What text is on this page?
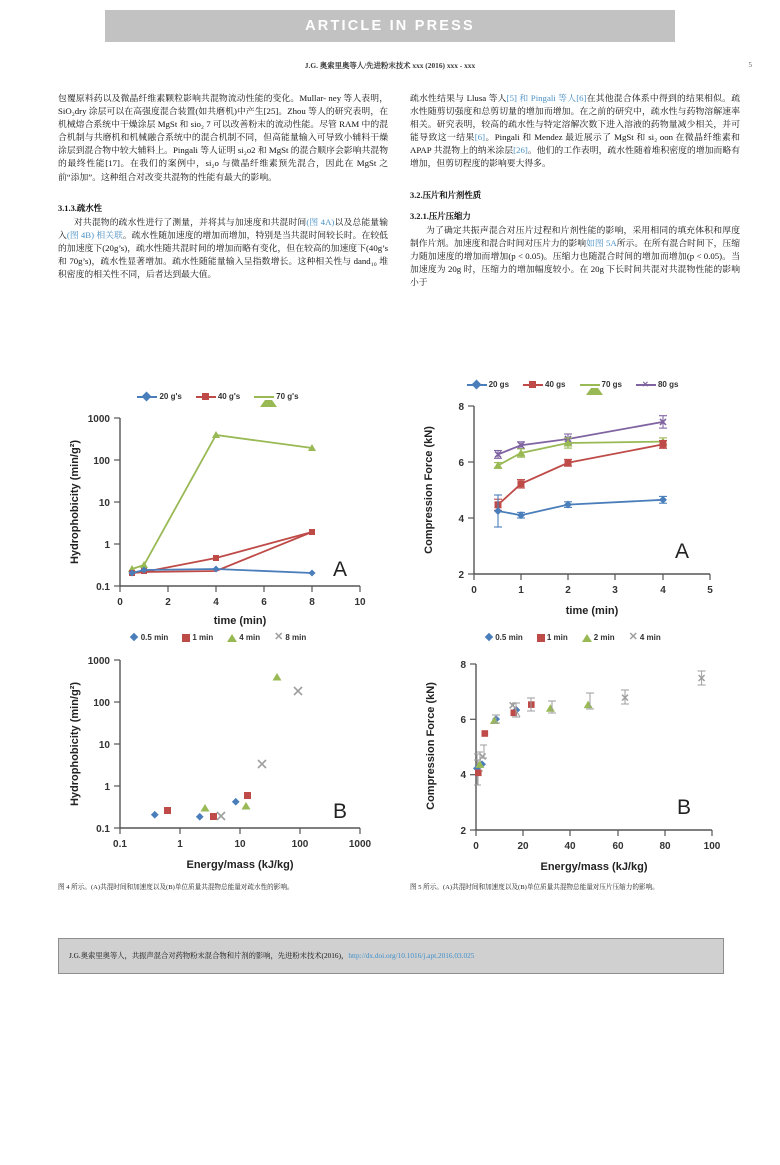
ARTICLE IN PRESS
J.G. 奥索里奥等人/先进粉末技术 xxx (2016) xxx - xxx	5

包覆原料药以及微晶纤维素颗粒影响共混物流动性能的变化。Mullar- ney 等人表明，SiO₂dry 涂层可以在高强度混合装置(如共磨机)中产生[25]。Zhou 等人的研究表明，在机械熔合系统中干燥涂层 MgSt 和 sio₂ 7 可以改善粉末的流动性能。尽管 RAM 中的混合机制与共磨机和机械融合系统中的混合机制不同，但高能量输入可导致小辅料干燥涂层到混合物中较大辅料上。Pingali 等人证明 si₂o2 和 MgSt 的混合顺序会影响共混物的最终性能[17]。在我们的案例中，si₂o 与微晶纤维素预先混合，因此在 MgSt 之前“添加”。这种组合对改变共混物的性能有最大的影响。

3.1.3.疏水性

对共混物的疏水性进行了测量，并将其与加速度和共混时间(图 4A)以及总能量输入(图 4B) 相关联。疏水性随加速度的增加而增加，特别是当共混时间较长时。在较低的加速度下(20g’s)，疏水性随共混时间的增加而略有变化，但在较高的加速度下(40g’s 和 70g’s)，疏水性显著增加。疏水性随能量输入呈指数增长。这种相关性与 dand₁₀ 堆积密度的相关性不同，后者达到最大值。

疏水性结果与 Llusa 等人[5] 和 Pingali 等人[6]在其他混合体系中得到的结果相似。疏水性随剪切强度和总剪切量的增加而增加。在之前的研究中，疏水性与药物溶解速率相关。研究表明，较高的疏水性与特定溶解次数下进入溶液的药物量减少相关，并可能导致这一结果[6]。Pingali 和 Mendez 最近展示了 MgSt 和 si₂ oon 在微晶纤维素和 APAP 共混物上的纳米涂层[26]。他们的工作表明，疏水性随着堆积密度的增加而略有增加，但剪切程度的影响要大得多。

3.2.压片和片剂性质
3.2.1.压片压缩力

为了确定共振声混合对压片过程和片剂性能的影响，采用相同的填充体积和厚度制作片剂。加速度和混合时间对压片力的影响如图 5A所示。在所有混合时间下，压缩力随加速度的增加而增加(p < 0.05)。压缩力也随混合时间的增加而增加(p < 0.05)。当加速度为 20g 时，压缩力的增加幅度较小。在 20g 下长时间共混对共混物性能的影响小于

20 g's	40 g's	70 g's
1000
100
10
1
0.1
0	2	4	6	8	10
time (min)
Hydrophobicity (min/g²)
A
0.5 min	1 min	4 min ✕ 8 min
1000
100
10
1
0.1
0.1	1	10	100	1000
Energy/mass (kJ/kg)
Hydrophobicity (min/g²)
B
20 gs	40 gs	70 gs	✕ 80 gs
8
6
4
2
0	1	2	3	4	5
time (min)
Compression Force (kN)	A
0.5 min	1 min	2 min ✕ 4 min
8
6
4
2
0	20	40	60	80	100
Energy/mass (kJ/kg)
Compression Force (kN)	B
图 4 所示。(A)共混时间和加速度以及(B)单位质量共混物总能量对疏水性的影响。	图 5 所示。(A)共混时间和加速度以及(B)单位质量共混物总能量对压片压缩力的影响。
J.G.奥索里奥等人，共振声混合对药物粉末混合物和片剂的影响，先进粉末技术(2016)，http://dx.doi.org/10.1016/j.apt.2016.03.025
